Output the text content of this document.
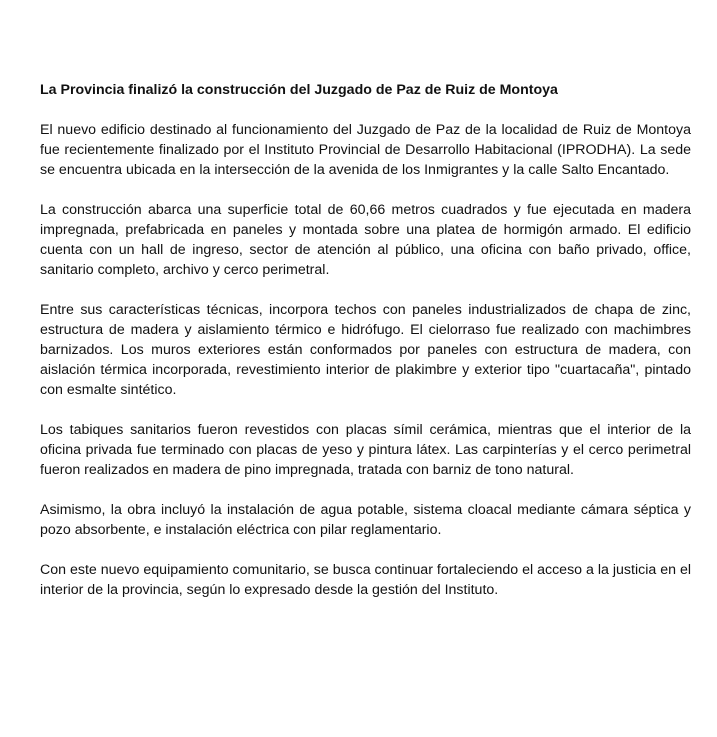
La Provincia finalizó la construcción del Juzgado de Paz de Ruiz de Montoya

El nuevo edificio destinado al funcionamiento del Juzgado de Paz de la localidad de Ruiz de Montoya fue recientemente finalizado por el Instituto Provincial de Desarrollo Habitacional (IPRODHA). La sede se encuentra ubicada en la intersección de la avenida de los Inmigrantes y la calle Salto Encantado.

La construcción abarca una superficie total de 60,66 metros cuadrados y fue ejecutada en madera impregnada, prefabricada en paneles y montada sobre una platea de hormigón armado. El edificio cuenta con un hall de ingreso, sector de atención al público, una oficina con baño privado, office, sanitario completo, archivo y cerco perimetral.

Entre sus características técnicas, incorpora techos con paneles industrializados de chapa de zinc, estructura de madera y aislamiento térmico e hidrófugo. El cielorraso fue realizado con machimbres barnizados. Los muros exteriores están conformados por paneles con estructura de madera, con aislación térmica incorporada, revestimiento interior de plakimbre y exterior tipo "cuartacaña", pintado con esmalte sintético.

Los tabiques sanitarios fueron revestidos con placas símil cerámica, mientras que el interior de la oficina privada fue terminado con placas de yeso y pintura látex. Las carpinterías y el cerco perimetral fueron realizados en madera de pino impregnada, tratada con barniz de tono natural.

Asimismo, la obra incluyó la instalación de agua potable, sistema cloacal mediante cámara séptica y pozo absorbente, e instalación eléctrica con pilar reglamentario.

Con este nuevo equipamiento comunitario, se busca continuar fortaleciendo el acceso a la justicia en el interior de la provincia, según lo expresado desde la gestión del Instituto.
